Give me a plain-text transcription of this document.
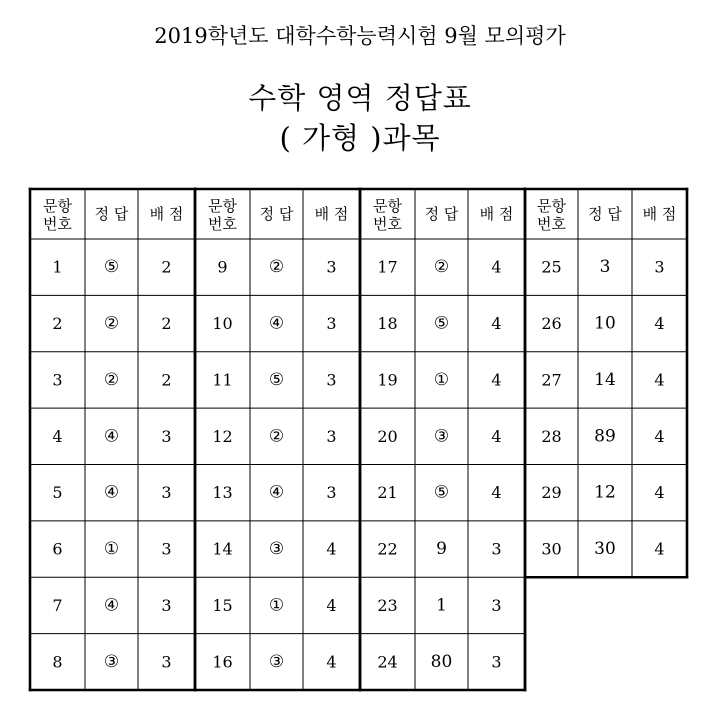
2019학년도 대학수학능력시험 9월 모의평가
수학 영역 정답표
( 가형 )과목
문항
번호
정 답 배 점
1 ⑤	2
2 ②	2
3 ②	2
4 ④	3
5 ④	3
6 ①	3
7 ④	3
8 ③	3
문항
번호
정 답 배 점
9 ②	3
10 ④	3
11 ⑤	3
12 ②	3
13 ④	3
14 ③	4
15 ①	4
16 ③	4
문항
번호
정 답 배 점
17 ②	4
18 ⑤	4
19 ①	4
20 ③	4
21 ⑤	4
22 9	3
23 1	3
24 80 3
문항
번호
정 답 배 점
25 3	3
26 10 4
27 14 4
28 89 4
29 12 4
30 30 4
